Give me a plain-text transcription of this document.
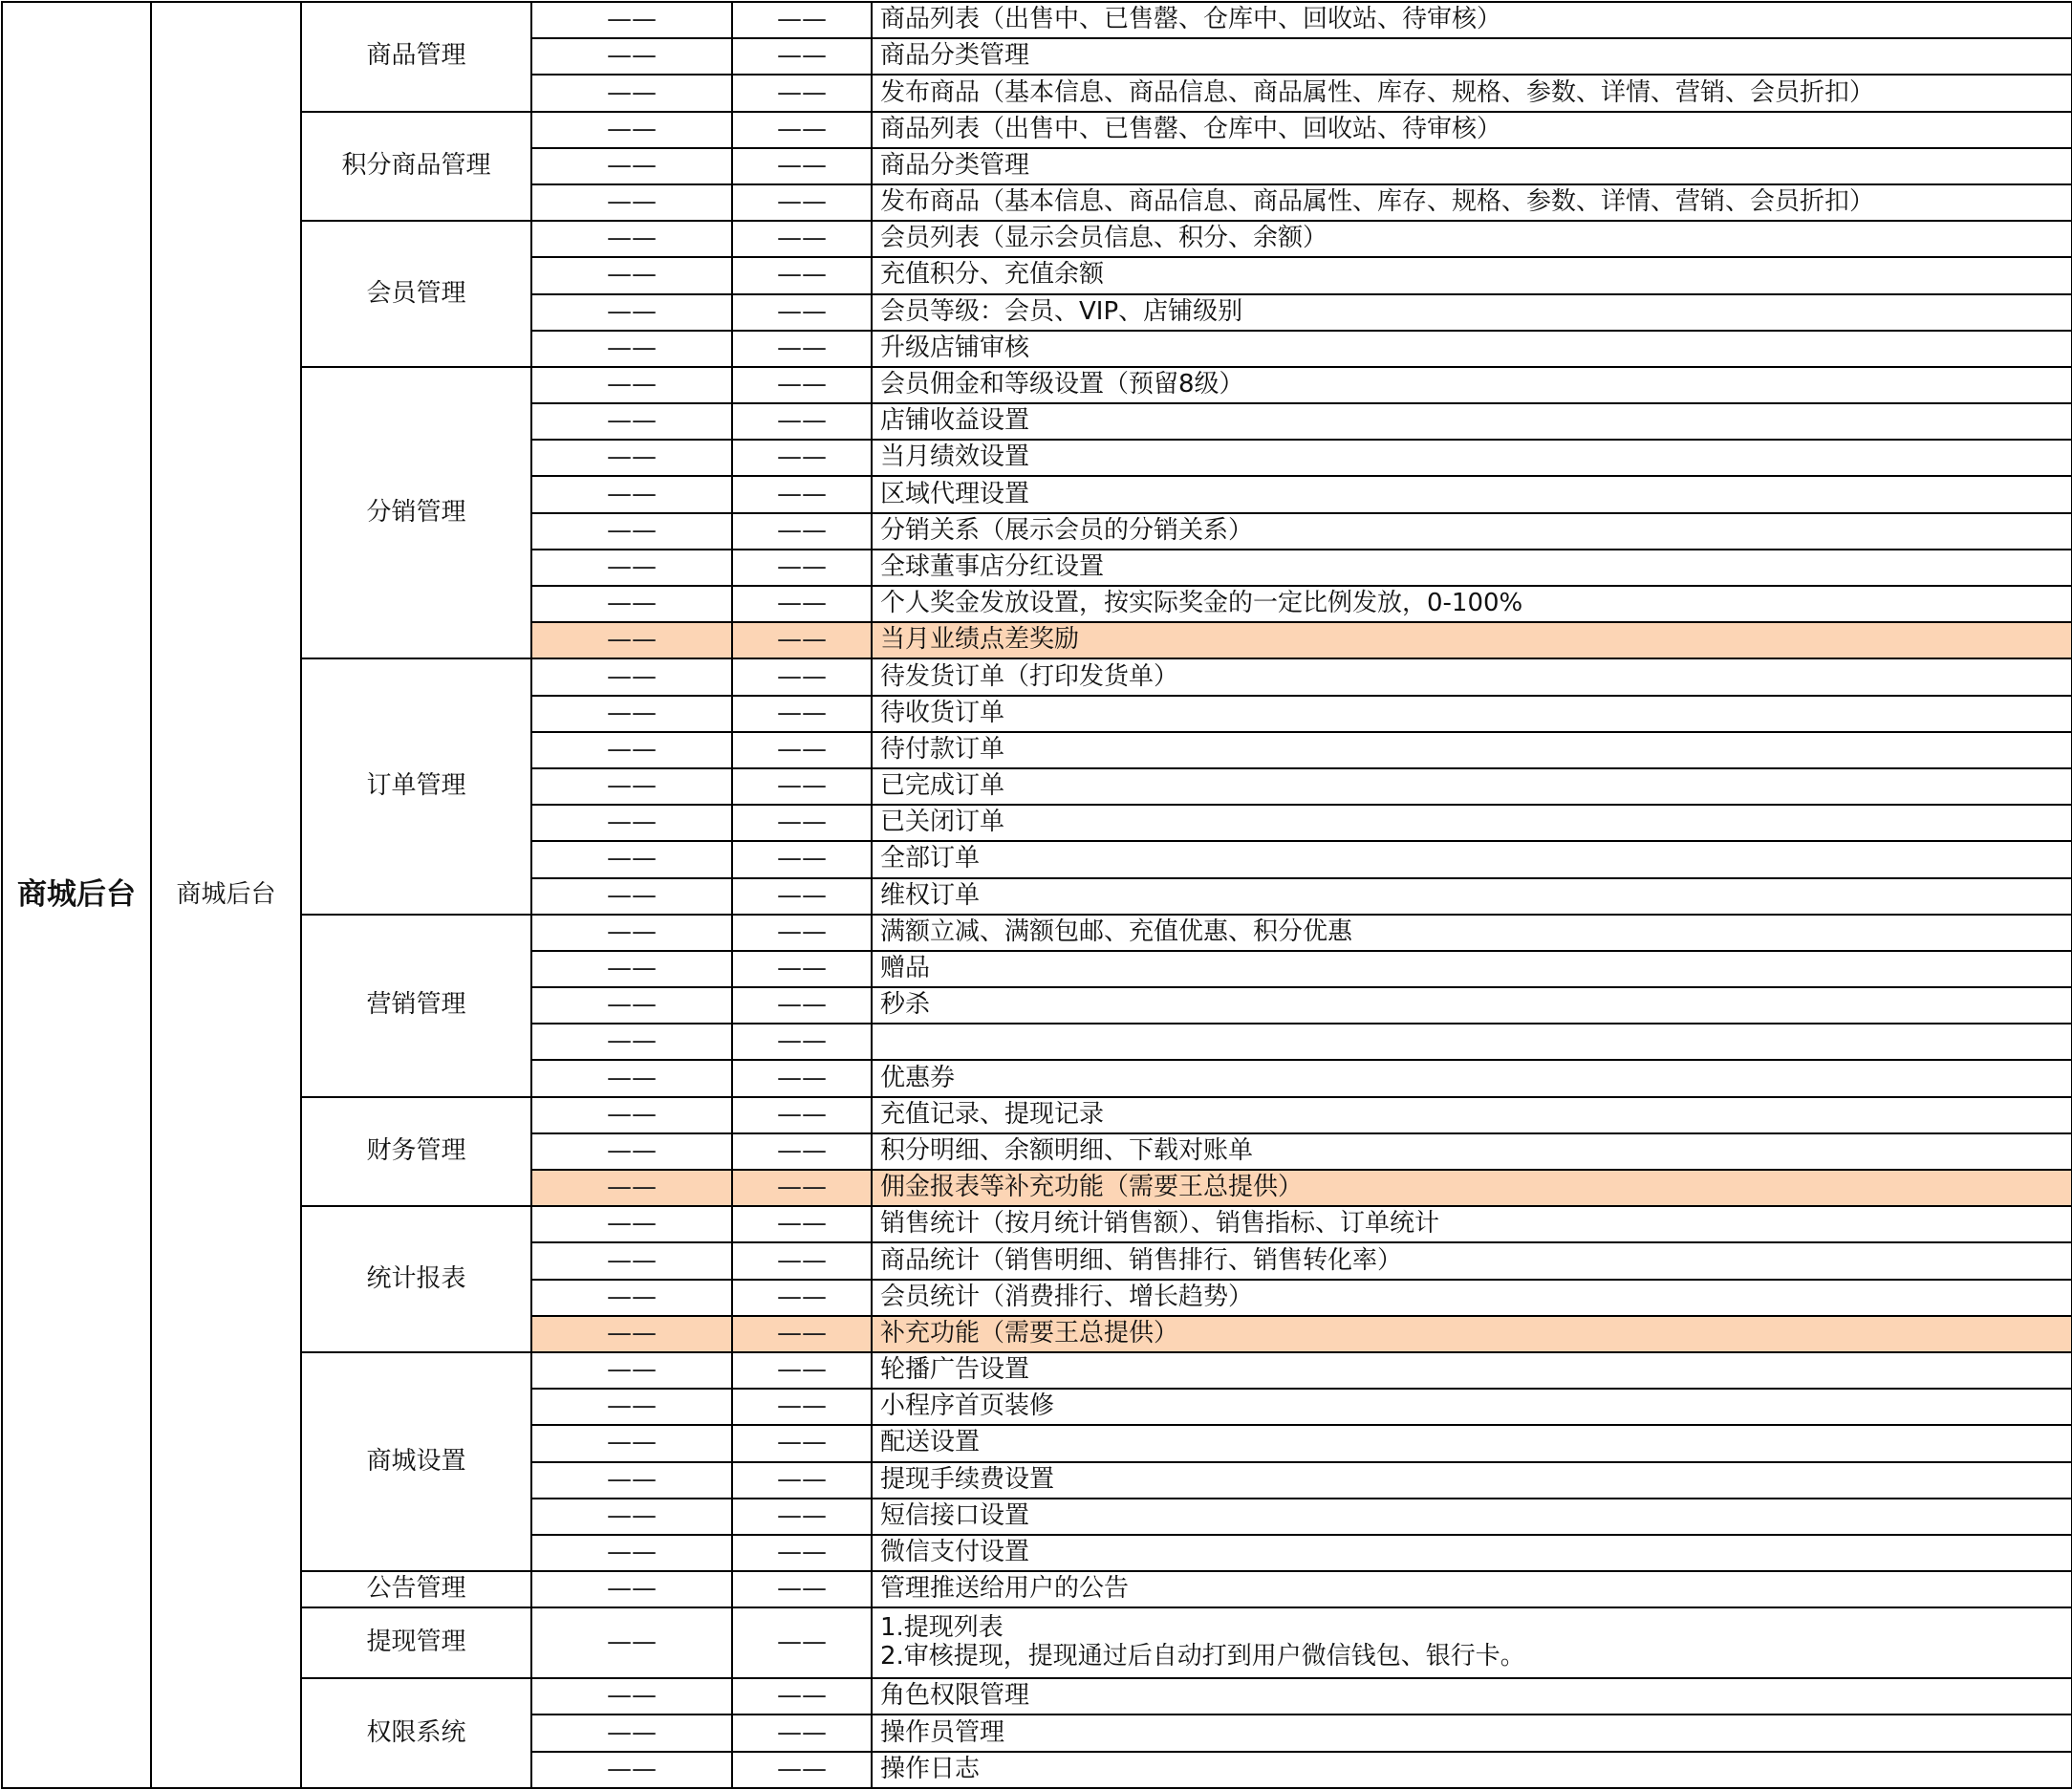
商城后台	商城后台	商品管理	——	——	商品列表（出售中、已售罄、仓库中、回收站、待审核）
			——	——	商品分类管理
			——	——	发布商品（基本信息、商品信息、商品属性、库存、规格、参数、详情、营销、会员折扣）
		积分商品管理	——	——	商品列表（出售中、已售罄、仓库中、回收站、待审核）
			——	——	商品分类管理
			——	——	发布商品（基本信息、商品信息、商品属性、库存、规格、参数、详情、营销、会员折扣）
		会员管理	——	——	会员列表（显示会员信息、积分、余额）
			——	——	充值积分、充值余额
			——	——	会员等级：会员、VIP、店铺级别
			——	——	升级店铺审核
		分销管理	——	——	会员佣金和等级设置（预留8级）
			——	——	店铺收益设置
			——	——	当月绩效设置
			——	——	区域代理设置
			——	——	分销关系（展示会员的分销关系）
			——	——	全球董事店分红设置
			——	——	个人奖金发放设置，按实际奖金的一定比例发放，0-100%
			——	——	当月业绩点差奖励
		订单管理	——	——	待发货订单（打印发货单）
			——	——	待收货订单
			——	——	待付款订单
			——	——	已完成订单
			——	——	已关闭订单
			——	——	全部订单
			——	——	维权订单
		营销管理	——	——	满额立减、满额包邮、充值优惠、积分优惠
			——	——	赠品
			——	——	秒杀
			——	——	
			——	——	优惠券
		财务管理	——	——	充值记录、提现记录
			——	——	积分明细、余额明细、下载对账单
			——	——	佣金报表等补充功能（需要王总提供）
		统计报表	——	——	销售统计（按月统计销售额）、销售指标、订单统计
			——	——	商品统计（销售明细、销售排行、销售转化率）
			——	——	会员统计（消费排行、增长趋势）
			——	——	补充功能（需要王总提供）
		商城设置	——	——	轮播广告设置
			——	——	小程序首页装修
			——	——	配送设置
			——	——	提现手续费设置
			——	——	短信接口设置
			——	——	微信支付设置
		公告管理	——	——	管理推送给用户的公告
		提现管理	——	——	1.提现列表
2.审核提现，提现通过后自动打到用户微信钱包、银行卡。

		权限系统	——	——	角色权限管理
			——	——	操作员管理
			——	——	操作日志
